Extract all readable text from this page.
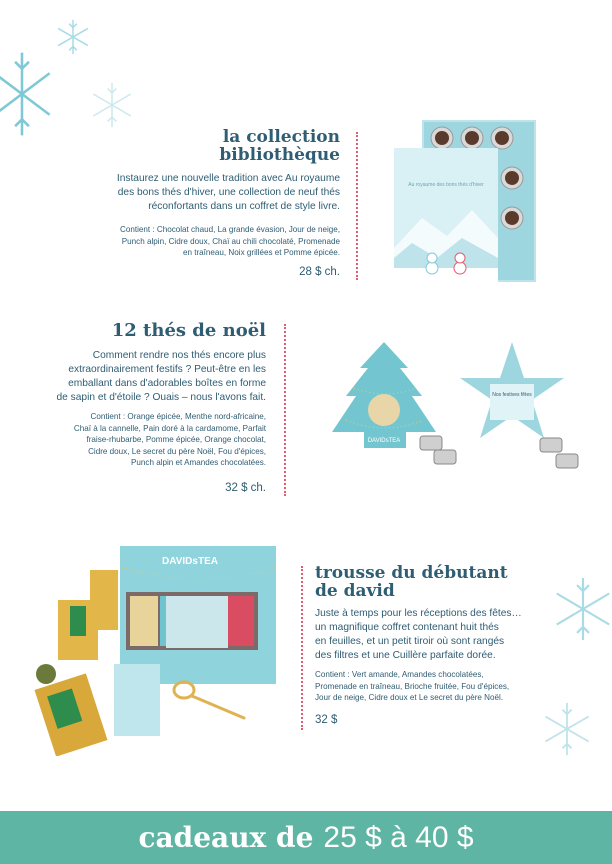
la collection
bibliothèque
Instaurez une nouvelle tradition avec Au royaume
des bons thés d'hiver, une collection de neuf thés
réconfortants dans un coffret de style livre.
Contient : Chocolat chaud, La grande évasion, Jour de neige,
Punch alpin, Cidre doux, Chaï au chili chocolaté, Promenade
en traîneau, Noix grillées et Pomme épicée.
28 $ ch.
Au royaume des bons thés d'hiver
12 thés de noël
Comment rendre nos thés encore plus
extraordinairement festifs ? Peut-être en les
emballant dans d'adorables boîtes en forme
de sapin et d'étoile ? Ouais – nous l'avons fait.
Contient : Orange épicée, Menthe nord-africaine,
Chaï à la cannelle, Pain doré à la cardamome, Parfait
fraise-rhubarbe, Pomme épicée, Orange chocolat,
Cidre doux, Le secret du père Noël, Fou d'épices,
Punch alpin et Amandes chocolatées.
32 $ ch.
DAVIDsTEA
Nos festives fêtes
trousse du débutant
de david
Juste à temps pour les réceptions des fêtes…
un magnifique coffret contenant huit thés
en feuilles, et un petit tiroir où sont rangés
des filtres et une Cuillère parfaite dorée.
Contient : Vert amande, Amandes chocolatées,
Promenade en traîneau, Brioche fruitée, Fou d'épices,
Jour de neige, Cidre doux et Le secret du père Noël.
32 $
DAVIDsTEA
cadeaux de 25 $ à 40 $
